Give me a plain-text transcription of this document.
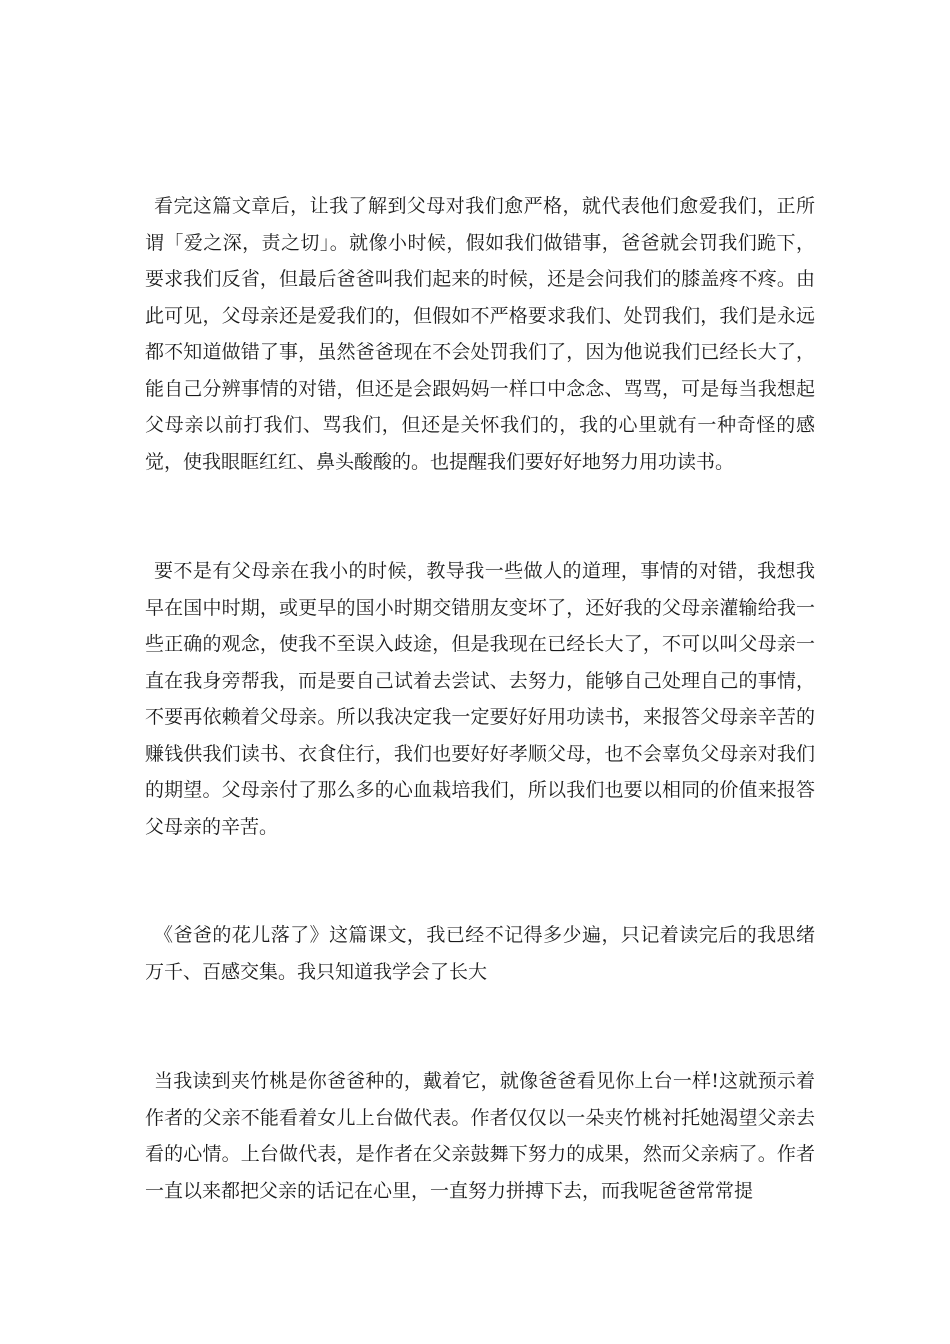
看完这篇文章后，让我了解到父母对我们愈严格，就代表他们愈爱我们，正所谓「爱之深，责之切」。就像小时候，假如我们做错事，爸爸就会罚我们跪下，要求我们反省，但最后爸爸叫我们起来的时候，还是会问我们的膝盖疼不疼。由此可见，父母亲还是爱我们的，但假如不严格要求我们、处罚我们，我们是永远都不知道做错了事，虽然爸爸现在不会处罚我们了，因为他说我们已经长大了，能自己分辨事情的对错，但还是会跟妈妈一样口中念念、骂骂，可是每当我想起父母亲以前打我们、骂我们，但还是关怀我们的，我的心里就有一种奇怪的感觉，使我眼眶红红、鼻头酸酸的。也提醒我们要好好地努力用功读书。

要不是有父母亲在我小的时候，教导我一些做人的道理，事情的对错，我想我早在国中时期，或更早的国小时期交错朋友变坏了，还好我的父母亲灌输给我一些正确的观念，使我不至误入歧途，但是我现在已经长大了，不可以叫父母亲一直在我身旁帮我，而是要自己试着去尝试、去努力，能够自己处理自己的事情，不要再依赖着父母亲。所以我决定我一定要好好用功读书，来报答父母亲辛苦的赚钱供我们读书、衣食住行，我们也要好好孝顺父母，也不会辜负父母亲对我们的期望。父母亲付了那么多的心血栽培我们，所以我们也要以相同的价值来报答父母亲的辛苦。

《爸爸的花儿落了》这篇课文，我已经不记得多少遍，只记着读完后的我思绪万千、百感交集。我只知道我学会了长大

当我读到夹竹桃是你爸爸种的，戴着它，就像爸爸看见你上台一样!这就预示着作者的父亲不能看着女儿上台做代表。作者仅仅以一朵夹竹桃衬托她渴望父亲去看的心情。上台做代表，是作者在父亲鼓舞下努力的成果，然而父亲病了。作者一直以来都把父亲的话记在心里，一直努力拼搏下去，而我呢爸爸常常提
